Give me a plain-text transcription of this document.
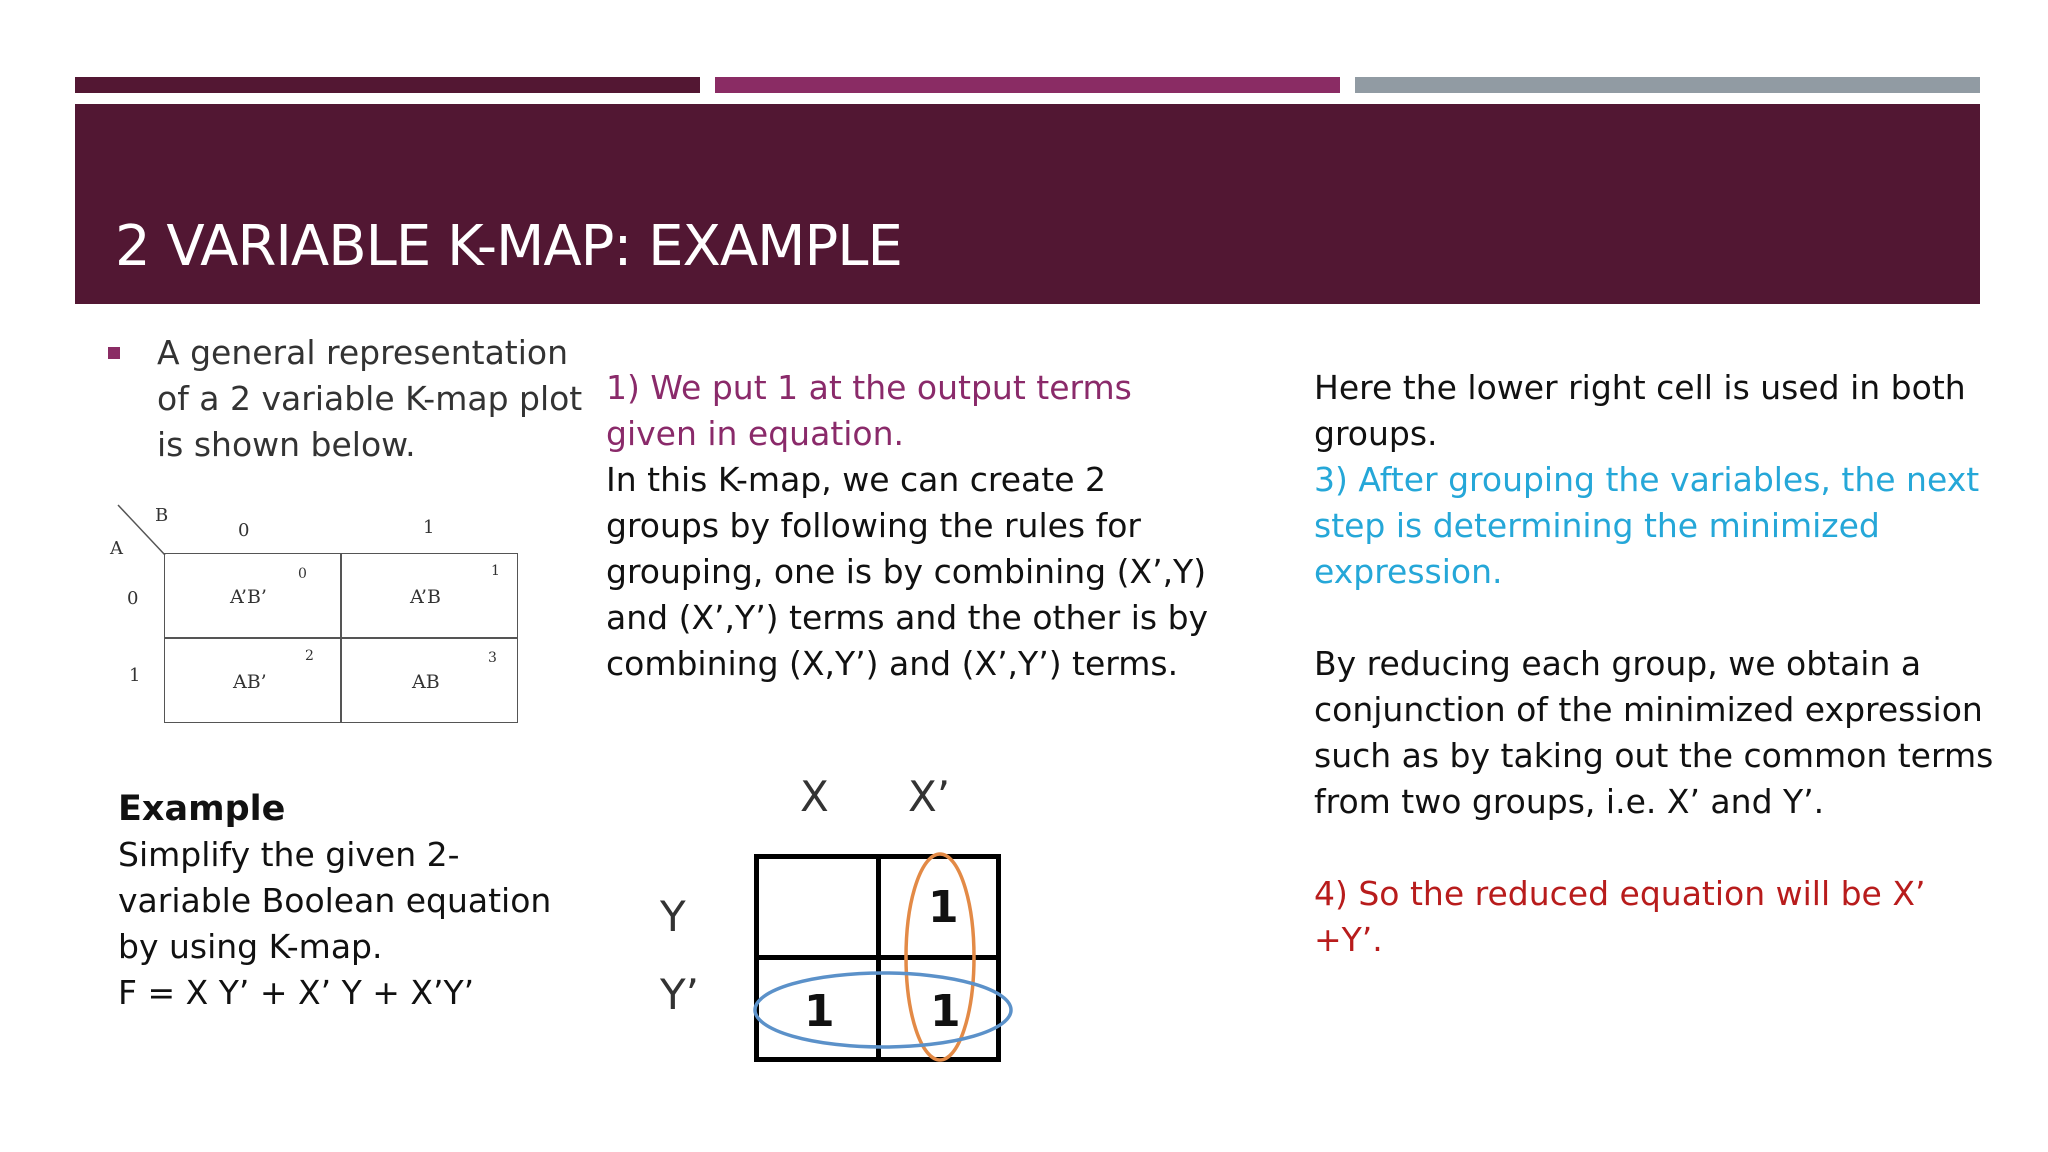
2 VARIABLE K-MAP: EXAMPLE
A general representation of a 2 variable K-map plot is shown below.
B
A
0	1
0
1
A’B’
0
A’B
1
AB’
2
AB
3
Example
Simplify the given 2-variable Boolean equation by using K-map.
F = X Y’ + X’ Y + X’Y’
1) We put 1 at the output terms given in equation.
In this K-map, we can create 2 groups by following the rules for grouping, one is by combining (X’,Y) and (X’,Y’) terms and the other is by combining (X,Y’) and (X’,Y’) terms.
X X’
Y
Y’
1
1 1
Here the lower right cell is used in both groups.
3) After grouping the variables, the next step is determining the minimized expression.
By reducing each group, we obtain a conjunction of the minimized expression such as by taking out the common terms from two groups, i.e. X’ and Y’.
4) So the reduced equation will be X’ +Y’.
